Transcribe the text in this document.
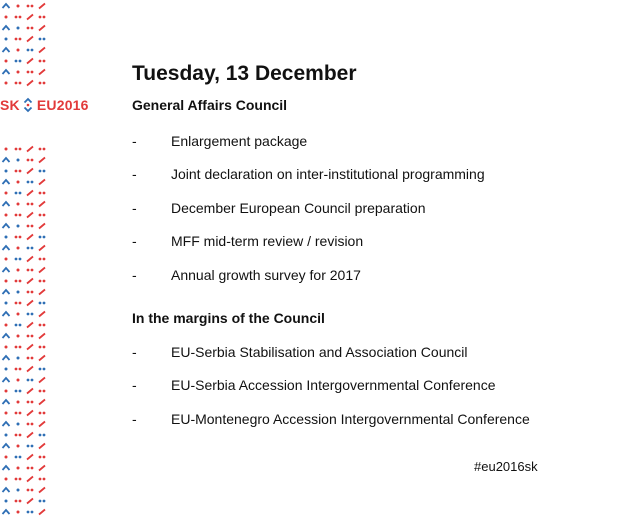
SK EU2016
Tuesday, 13 December
General Affairs Council
- Enlargement package
- Joint declaration on inter-institutional programming
- December European Council preparation
- MFF mid-term review / revision
- Annual growth survey for 2017
In the margins of the Council
- EU-Serbia Stabilisation and Association Council
- EU-Serbia Accession Intergovernmental Conference
- EU-Montenegro Accession Intergovernmental Conference
#eu2016sk
